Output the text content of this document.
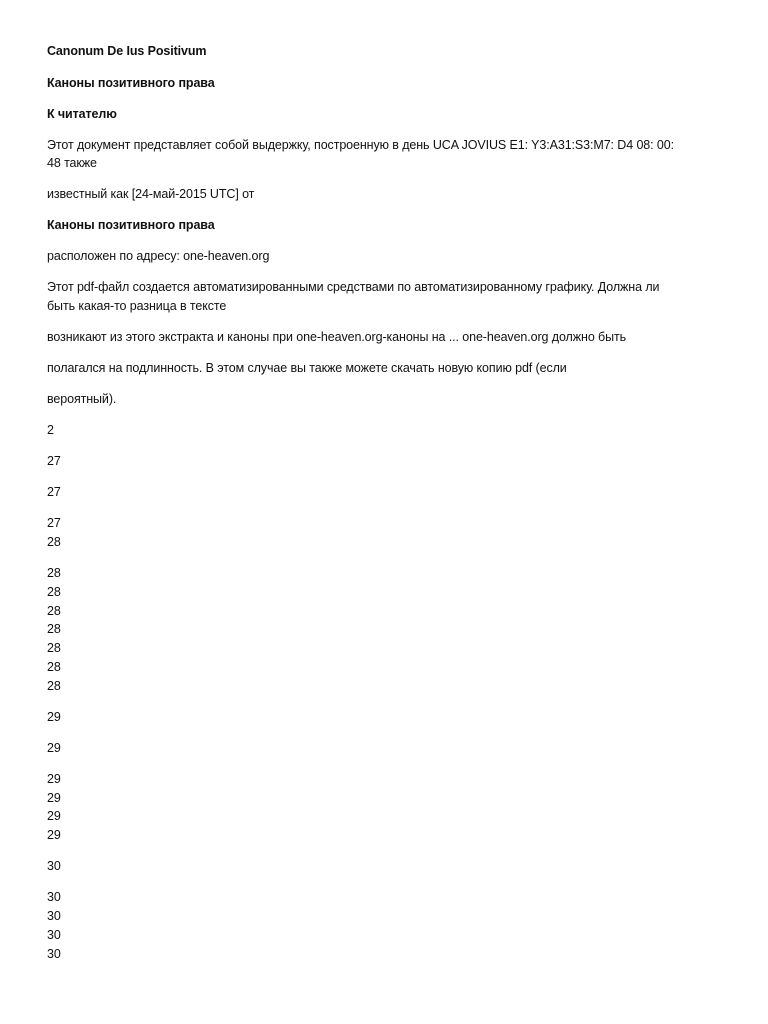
Canonum De Ius Positivum
Каноны позитивного права
К читателю
Этот документ представляет собой выдержку, построенную в день UCA JOVIUS E1: Y3:A31:S3:M7: D4 08: 00:
48 также
известный как [24-май-2015 UTC] от
Каноны позитивного права
расположен по адресу: one-heaven.org
Этот pdf-файл создается автоматизированными средствами по автоматизированному графику. Должна ли
быть какая-то разница в тексте
возникают из этого экстракта и каноны при one-heaven.org-каноны на ... one-heaven.org должно быть
полагался на подлинность. В этом случае вы также можете скачать новую копию pdf (если
вероятный).
2
27
27
27
28
28
28
28
28
28
28
28
29
29
29
29
29
29
30
30
30
30
30
